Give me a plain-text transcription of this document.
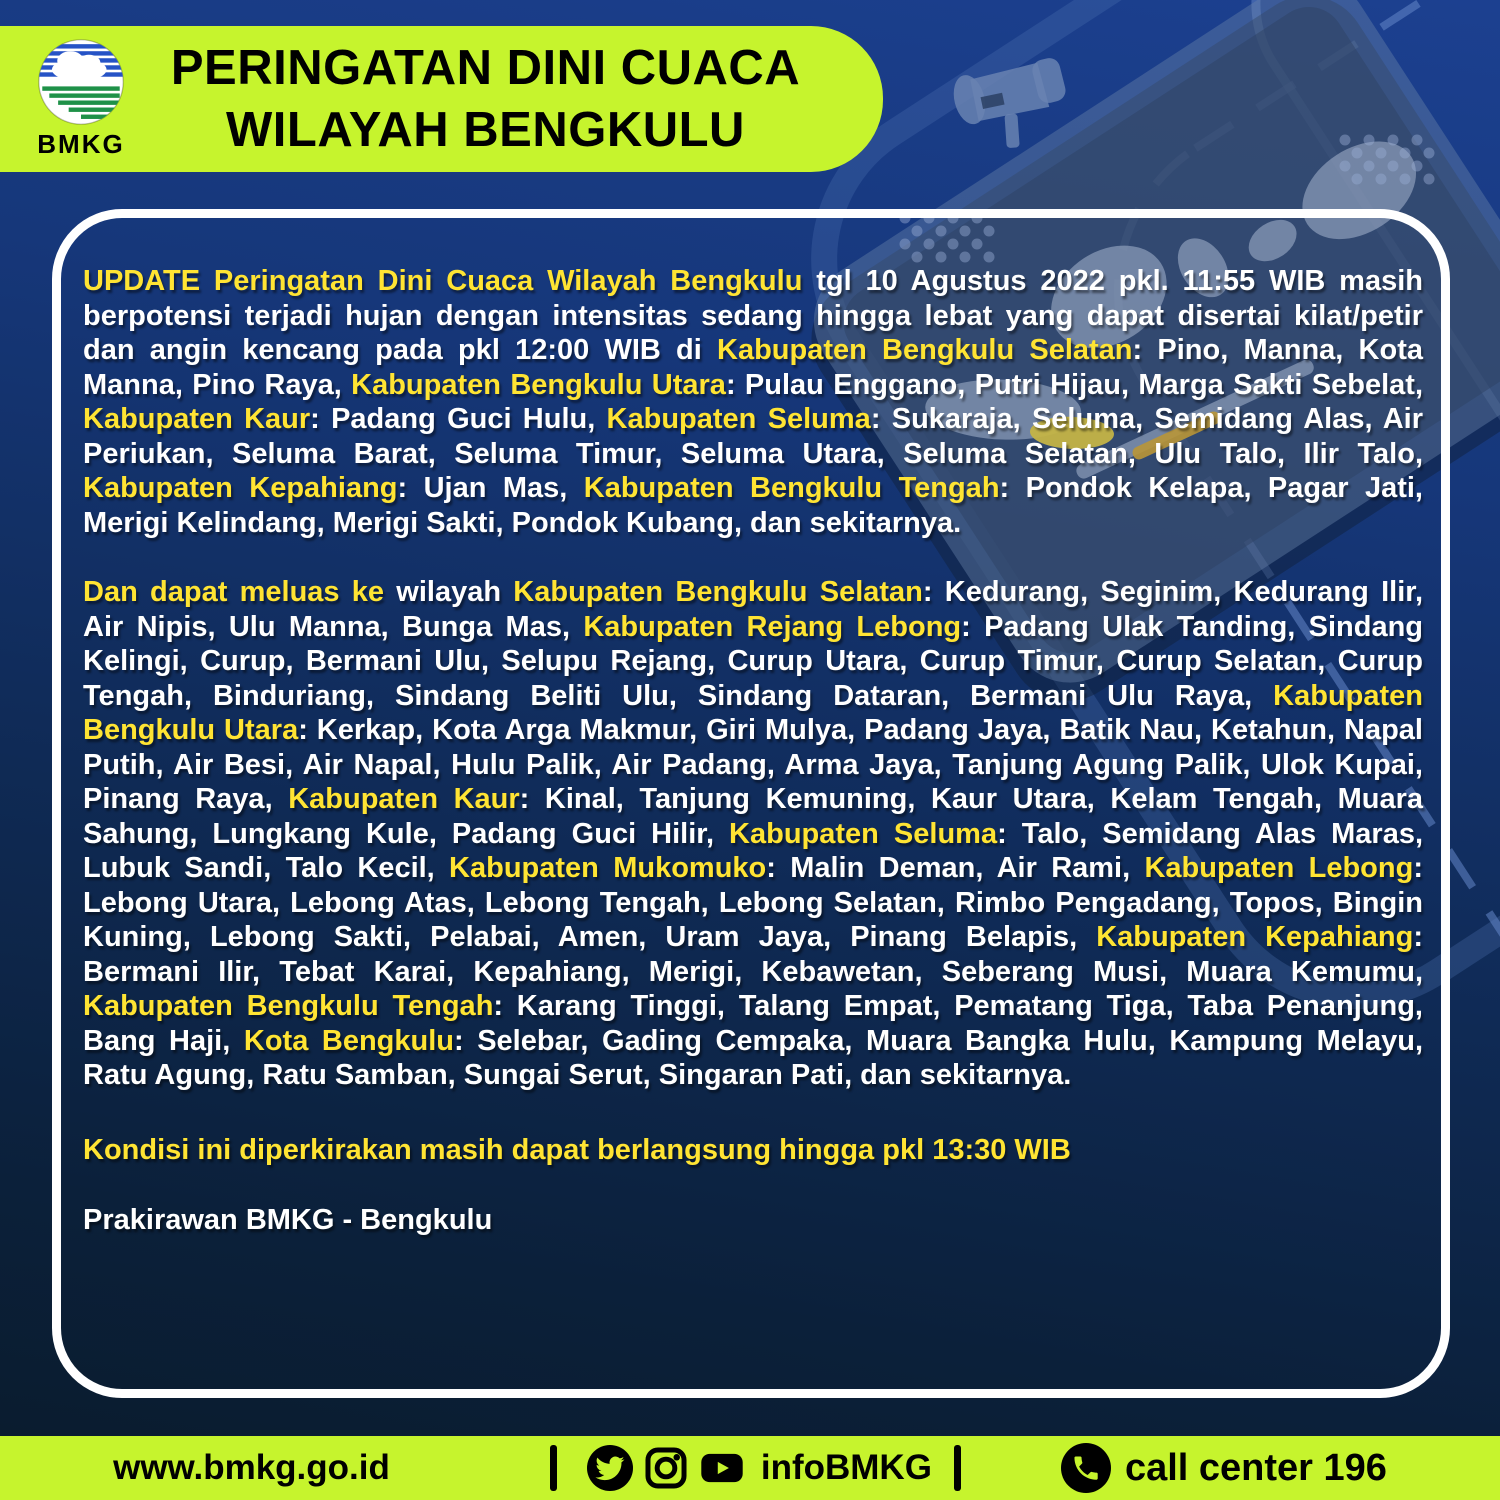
BMKG
PERINGATAN DINI CUACA
WILAYAH BENGKULU

UPDATE Peringatan Dini Cuaca Wilayah Bengkulu tgl 10 Agustus 2022 pkl. 11:55 WIB masih berpotensi terjadi hujan dengan intensitas sedang hingga lebat yang dapat disertai kilat/petir dan angin kencang pada pkl 12:00 WIB di Kabupaten Bengkulu Selatan: Pino, Manna, Kota Manna, Pino Raya, Kabupaten Bengkulu Utara: Pulau Enggano, Putri Hijau, Marga Sakti Sebelat, Kabupaten Kaur: Padang Guci Hulu, Kabupaten Seluma: Sukaraja, Seluma, Semidang Alas, Air Periukan, Seluma Barat, Seluma Timur, Seluma Utara, Seluma Selatan, Ulu Talo, Ilir Talo, Kabupaten Kepahiang: Ujan Mas, Kabupaten Bengkulu Tengah: Pondok Kelapa, Pagar Jati, Merigi Kelindang, Merigi Sakti, Pondok Kubang, dan sekitarnya.

Dan dapat meluas ke wilayah Kabupaten Bengkulu Selatan: Kedurang, Seginim, Kedurang Ilir, Air Nipis, Ulu Manna, Bunga Mas, Kabupaten Rejang Lebong: Padang Ulak Tanding, Sindang Kelingi, Curup, Bermani Ulu, Selupu Rejang, Curup Utara, Curup Timur, Curup Selatan, Curup Tengah, Binduriang, Sindang Beliti Ulu, Sindang Dataran, Bermani Ulu Raya, Kabupaten Bengkulu Utara: Kerkap, Kota Arga Makmur, Giri Mulya, Padang Jaya, Batik Nau, Ketahun, Napal Putih, Air Besi, Air Napal, Hulu Palik, Air Padang, Arma Jaya, Tanjung Agung Palik, Ulok Kupai, Pinang Raya, Kabupaten Kaur: Kinal, Tanjung Kemuning, Kaur Utara, Kelam Tengah, Muara Sahung, Lungkang Kule, Padang Guci Hilir, Kabupaten Seluma: Talo, Semidang Alas Maras, Lubuk Sandi, Talo Kecil, Kabupaten Mukomuko: Malin Deman, Air Rami, Kabupaten Lebong: Lebong Utara, Lebong Atas, Lebong Tengah, Lebong Selatan, Rimbo Pengadang, Topos, Bingin Kuning, Lebong Sakti, Pelabai, Amen, Uram Jaya, Pinang Belapis, Kabupaten Kepahiang: Bermani Ilir, Tebat Karai, Kepahiang, Merigi, Kebawetan, Seberang Musi, Muara Kemumu, Kabupaten Bengkulu Tengah: Karang Tinggi, Talang Empat, Pematang Tiga, Taba Penanjung, Bang Haji, Kota Bengkulu: Selebar, Gading Cempaka, Muara Bangka Hulu, Kampung Melayu, Ratu Agung, Ratu Samban, Sungai Serut, Singaran Pati, dan sekitarnya.

Kondisi ini diperkirakan masih dapat berlangsung hingga pkl 13:30 WIB

Prakirawan BMKG - Bengkulu

www.bmkg.go.id	infoBMKG	call center 196
